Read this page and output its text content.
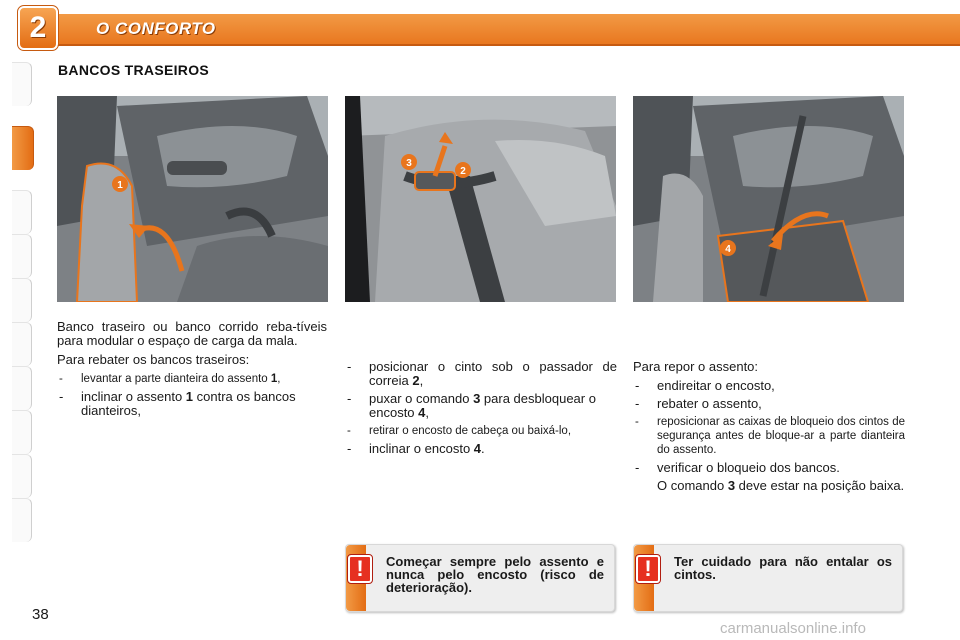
2	O CONFORTO
BANCOS TRASEIROS
1
3
2
4

Banco traseiro ou banco corrido reba-tíveis para modular o espaço de carga da mala.

Para rebater os bancos traseiros:

- levantar a parte dianteira do assento 1,
- inclinar o assento 1 contra os bancos dianteiros,
- posicionar o cinto sob o passador de correia 2,
- puxar o comando 3 para desbloquear o encosto 4,
- retirar o encosto de cabeça ou baixá-lo,
- inclinar o encosto 4.

Para repor o assento:

- endireitar o encosto,
- rebater o assento,
- reposicionar as caixas de bloqueio dos cintos de segurança antes de bloque-ar a parte dianteira do assento.
- verificar o bloqueio dos bancos.
O comando 3 deve estar na posição baixa.
!	Começar sempre pelo assento e nunca pelo encosto (risco de deterioração).
!	Ter cuidado para não entalar os cintos.
38
carmanualsonline.info
